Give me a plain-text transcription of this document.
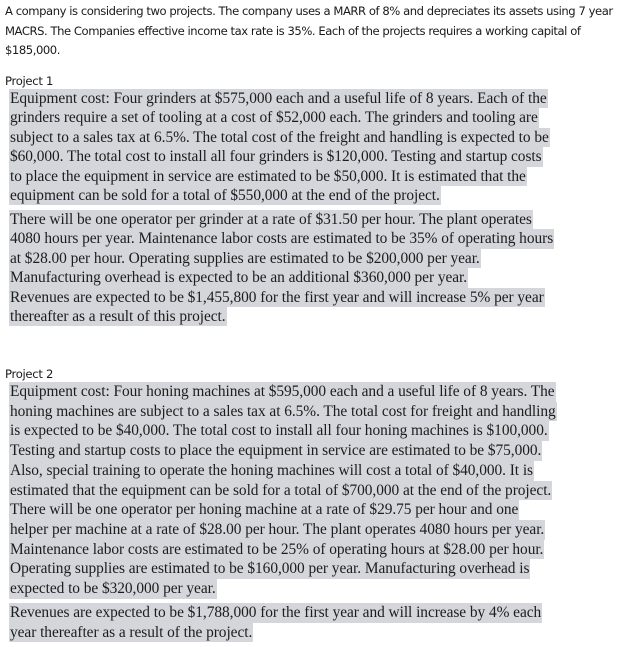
A company is considering two projects. The company uses a MARR of 8% and depreciates its assets using 7 year MACRS. The Companies effective income tax rate is 35%. Each of the projects requires a working capital of $185,000.
Project 1
Equipment cost: Four grinders at $575,000 each and a useful life of 8 years. Each of the
grinders require a set of tooling at a cost of $52,000 each. The grinders and tooling are
subject to a sales tax at 6.5%. The total cost of the freight and handling is expected to be
$60,000. The total cost to install all four grinders is $120,000. Testing and startup costs
to place the equipment in service are estimated to be $50,000. It is estimated that the
equipment can be sold for a total of $550,000 at the end of the project.
There will be one operator per grinder at a rate of $31.50 per hour. The plant operates
4080 hours per year. Maintenance labor costs are estimated to be 35% of operating hours
at $28.00 per hour. Operating supplies are estimated to be $200,000 per year.
Manufacturing overhead is expected to be an additional $360,000 per year.
Revenues are expected to be $1,455,800 for the first year and will increase 5% per year
thereafter as a result of this project.
Project 2
Equipment cost: Four honing machines at $595,000 each and a useful life of 8 years. The
honing machines are subject to a sales tax at 6.5%. The total cost for freight and handling
is expected to be $40,000. The total cost to install all four honing machines is $100,000.
Testing and startup costs to place the equipment in service are estimated to be $75,000.
Also, special training to operate the honing machines will cost a total of $40,000. It is
estimated that the equipment can be sold for a total of $700,000 at the end of the project.
There will be one operator per honing machine at a rate of $29.75 per hour and one
helper per machine at a rate of $28.00 per hour. The plant operates 4080 hours per year.
Maintenance labor costs are estimated to be 25% of operating hours at $28.00 per hour.
Operating supplies are estimated to be $160,000 per year. Manufacturing overhead is
expected to be $320,000 per year.
Revenues are expected to be $1,788,000 for the first year and will increase by 4% each
year thereafter as a result of the project.
